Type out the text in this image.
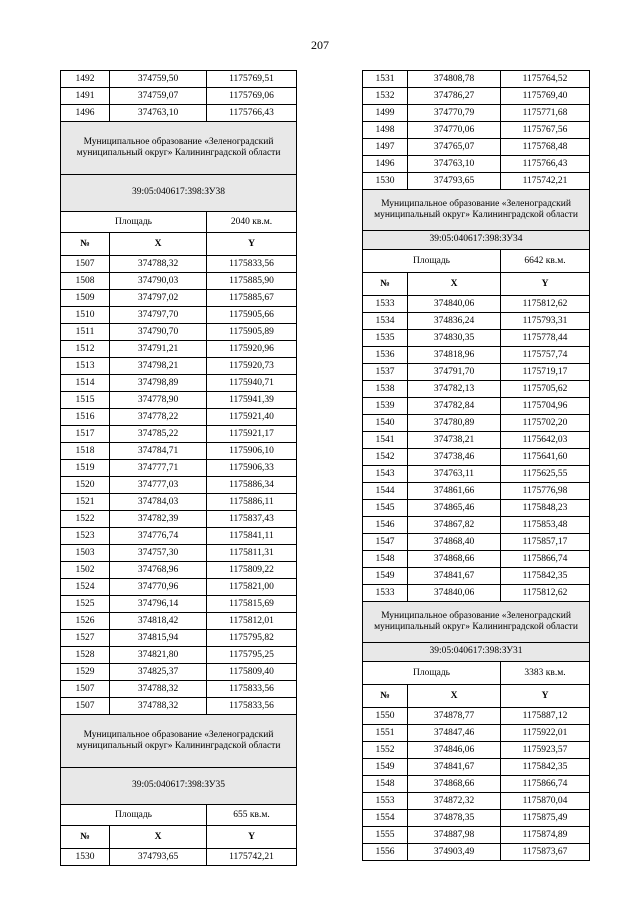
207
1492	374759,50	1175769,51
1491	374759,07	1175769,06
1496	374763,10	1175766,43
Муниципальное образование «Зеленоградский муниципальный округ» Калининградской области		
39:05:040617:398:ЗУ38		
Площадь		2040 кв.м.
№	X	Y
1507	374788,32	1175833,56
1508	374790,03	1175885,90
1509	374797,02	1175885,67
1510	374797,70	1175905,66
1511	374790,70	1175905,89
1512	374791,21	1175920,96
1513	374798,21	1175920,73
1514	374798,89	1175940,71
1515	374778,90	1175941,39
1516	374778,22	1175921,40
1517	374785,22	1175921,17
1518	374784,71	1175906,10
1519	374777,71	1175906,33
1520	374777,03	1175886,34
1521	374784,03	1175886,11
1522	374782,39	1175837,43
1523	374776,74	1175841,11
1503	374757,30	1175811,31
1502	374768,96	1175809,22
1524	374770,96	1175821,00
1525	374796,14	1175815,69
1526	374818,42	1175812,01
1527	374815,94	1175795,82
1528	374821,80	1175795,25
1529	374825,37	1175809,40
1507	374788,32	1175833,56
1507	374788,32	1175833,56
Муниципальное образование «Зеленоградский муниципальный округ» Калининградской области		
39:05:040617:398:ЗУ35		
Площадь		655 кв.м.
№	X	Y
1530	374793,65	1175742,21
1531	374808,78	1175764,52
1532	374786,27	1175769,40
1499	374770,79	1175771,68
1498	374770,06	1175767,56
1497	374765,07	1175768,48
1496	374763,10	1175766,43
1530	374793,65	1175742,21
Муниципальное образование «Зеленоградский муниципальный округ» Калининградской области		
39:05:040617:398:ЗУ34		
Площадь		6642 кв.м.
№	X	Y
1533	374840,06	1175812,62
1534	374836,24	1175793,31
1535	374830,35	1175778,44
1536	374818,96	1175757,74
1537	374791,70	1175719,17
1538	374782,13	1175705,62
1539	374782,84	1175704,96
1540	374780,89	1175702,20
1541	374738,21	1175642,03
1542	374738,46	1175641,60
1543	374763,11	1175625,55
1544	374861,66	1175776,98
1545	374865,46	1175848,23
1546	374867,82	1175853,48
1547	374868,40	1175857,17
1548	374868,66	1175866,74
1549	374841,67	1175842,35
1533	374840,06	1175812,62
Муниципальное образование «Зеленоградский муниципальный округ» Калининградской области		
39:05:040617:398:ЗУ31		
Площадь		3383 кв.м.
№	X	Y
1550	374878,77	1175887,12
1551	374847,46	1175922,01
1552	374846,06	1175923,57
1549	374841,67	1175842,35
1548	374868,66	1175866,74
1553	374872,32	1175870,04
1554	374878,35	1175875,49
1555	374887,98	1175874,89
1556	374903,49	1175873,67
